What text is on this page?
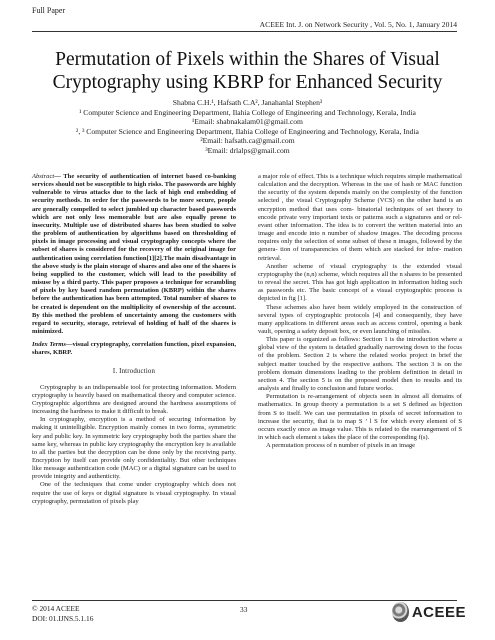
Full Paper
ACEEE Int. J. on Network Security , Vol. 5, No. 1, January 2014
Permutation of Pixels within the Shares of Visual
Cryptography using KBRP for Enhanced Security
Shabna C.H.¹, Hafsath C.A², Janahanlal Stephen³
¹ Computer Science and Engineering Department, Ilahia College of Engineering and Technology, Kerala, India
¹Email: shabnakalam01@gmail.com
², ³ Computer Science and Engineering Department, Ilahia College of Engineering and Technology, Kerala, India
²Email: hafsath.ca@gmail.com
³Email: drlalps@gmail.com

Abstract— The security of authentication of internet based co-banking services should not be susceptible to high risks. The passwords are highly vulnerable to virus attacks due to the lack of high end embedding of security methods. In order for the passwords to be more secure, people are generally compelled to select jumbled up character based passwords which are not only less memorable but are also equally prone to insecurity. Multiple use of distributed shares has been studied to solve the problem of authentication by algorithms based on thresholding of pixels in image processing and visual cryptography concepts where the subset of shares is considered for the recovery of the original image for authentication using correlation function[1][2].The main disadvantage in the above study is the plain storage of shares and also one of the shares is being supplied to the customer, which will lead to the possibility of misuse by a third party. This paper proposes a technique for scrambling of pixels by key based random permutation (KBRP) within the shares before the authentication has been attempted. Total number of shares to be created is dependent on the multiplicity of ownership of the account. By this method the problem of uncertainty among the customers with regard to security, storage, retrieval of holding of half of the shares is minimized.

Index Terms—visual cryptography, correlation function, pixel expansion, shares, KBRP.

I. Introduction

Cryptography is an indispensable tool for protecting information. Modern cryptography is heavily based on mathematical theory and computer science. Cryptographic algorithms are designed around the hardness assumptions of increasing the hardness to make it difficult to break.

In cryptography, encryption is a method of securing information by making it unintelligible. Encryption mainly comes in two forms, symmetric key and public key. In symmetric key cryptography both the parties share the same key, whereas in public key cryptography the encryption key is available to all the parties but the decryption can be done only by the receiving party. Encryption by itself can provide only confidentiality. But other techniques like message authentication code (MAC) or a digital signature can be used to provide integrity and authenticity.

One of the techniques that come under cryptography which does not require the use of keys or digital signature is visual cryptography. In visual cryptography, permutation of pixels play

a major role of effect. This is a technique which requires simple mathematical calculation and the decryption. Whereas in the use of hash or MAC function the security of the system depends mainly on the complexity of the function selected , the visual Cryptography Scheme (VCS) on the other hand is an encryption method that uses com- binatorial techniques of set theory to encode private very important texts or patterns such a signatures and or rel- evant other information. The idea is to convert the written material into an image and encode into n number of shadow images. The decoding process requires only the selection of some subset of these n images, followed by the genera- tion of transparencies of them which are stacked for infor- mation retrieval.

Another scheme of visual cryptography is the extended visual cryptography the (n,n) scheme, which requires all the n shares to be presented to reveal the secret. This has got high application in information hiding such as passwords etc. The basic concept of a visual cryptographic process is depicted in fig [1].

These schemes also have been widely employed in the construction of several types of cryptographic protocols [4] and consequently, they have many applications in different areas such as access control, opening a bank vault, opening a safety deposit box, or even launching of missiles.

This paper is organized as follows: Section 1 is the introduction where a global view of the system is detailed gradually narrowing down to the focus of the problem. Section 2 is where the related works project in brief the subject matter touched by the respective authors. The section 3 is on the problem domain dimensions leading to the problem definition in detail in section 4. The section 5 is on the proposed model then to results and its analysis and finally to conclusion and future works.

Permutation is re-arrangement of objects seen in almost all domains of mathematics. In group theory a permutation is a set S defined as bijection from S to itself. We can use permutation in pixels of secret information to increase the security, that is to map S ’ l S for which every element of S occurs exactly once as image value. This is related to the rearrangement of S in which each element s takes the place of the corresponding f(s).

A permutation process of n number of pixels in an image

© 2014 ACEEE
DOI: 01.IJNS.5.1.16
33	ACEEE
